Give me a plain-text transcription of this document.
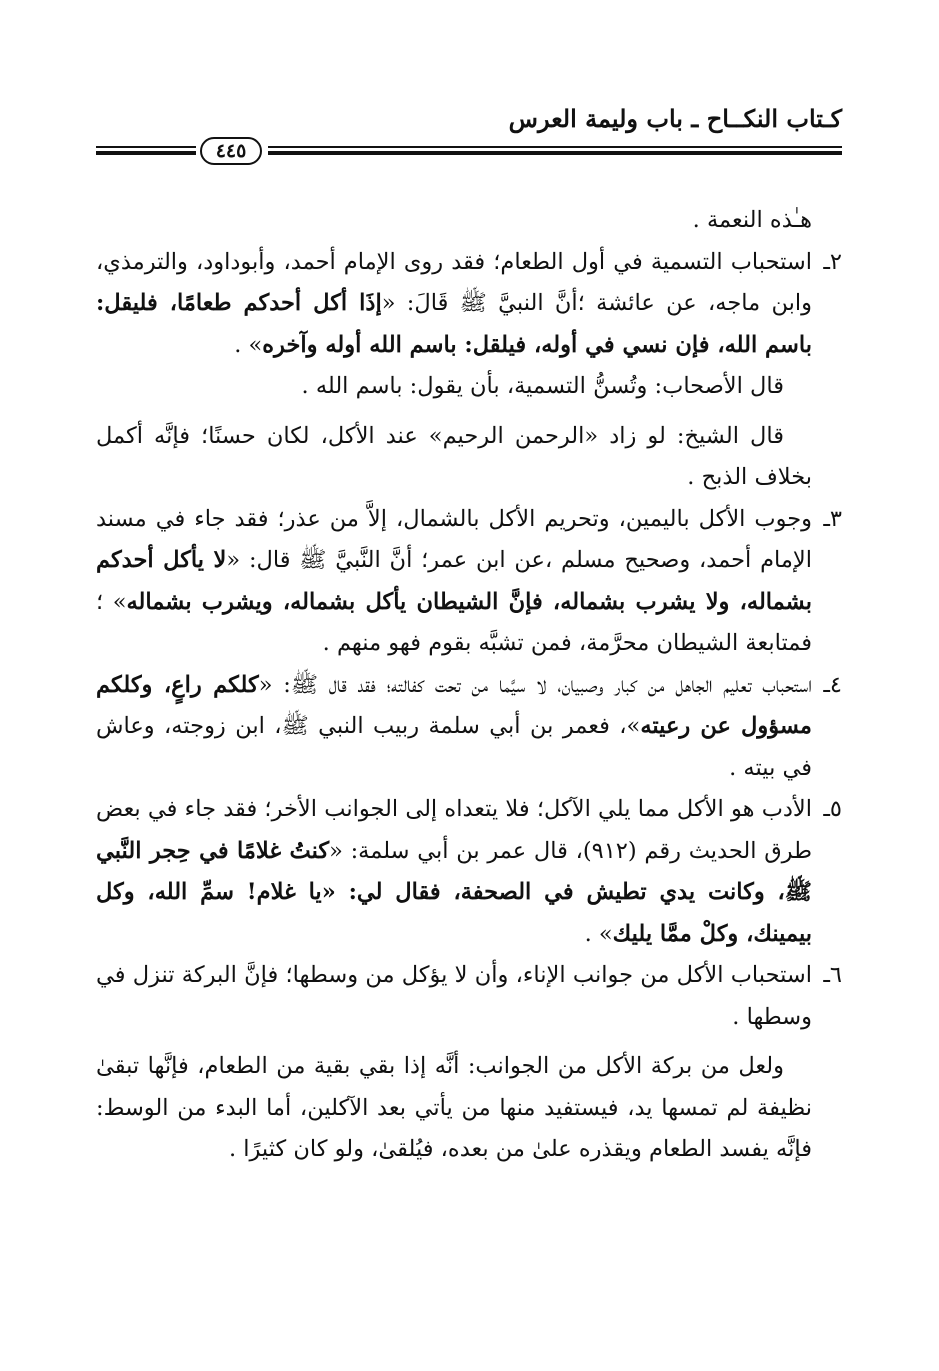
كـتاب النكــاح ـ باب وليمة العرس
٤٤٥

هـٰذه النعمة .

٢ـ
استحباب التسمية في أول الطعام؛ فقد روى الإمام أحمد، وأبوداود، والترمذي، وابن ماجه، عن عائشة ؛أنَّ النبيَّ ﷺ قَالَ: «إذَا أكل أحدكم طعامًا، فليقل: باسم الله، فإن نسي في أوله، فيلقل: باسم الله أوله وآخره» .

قال الأصحاب: وتُسنُّ التسمية، بأن يقول: باسم الله .

قال الشيخ: لو زاد «الرحمن الرحيم» عند الأكل، لكان حسنًا؛ فإنَّه أكمل بخلاف الذبح .

٣ـ
وجوب الأكل باليمين، وتحريم الأكل بالشمال، إلاَّ من عذر؛ فقد جاء في مسند الإمام أحمد، وصحيح مسلم ،عن ابن عمر؛ أنَّ النَّبيَّ ﷺ قال: «لا يأكل أحدكم بشماله، ولا يشرب بشماله، فإنَّ الشيطان يأكل بشماله، ويشرب بشماله» ؛فمتابعة الشيطان محرَّمة، فمن تشبَّه بقوم فهو منهم .

٤ـ
استحباب تعليم الجاهل من كبار وصبيان، لا سيَّما من تحت كفالته؛ فقد قال ﷺ: «كلكم راعٍ، وكلكم مسؤول عن رعيته»، فعمر بن أبي سلمة ربيب النبي ﷺ، ابن زوجته، وعاش في بيته .

٥ـ
الأدب هو الأكل مما يلي الآكل؛ فلا يتعداه إلى الجوانب الأخر؛ فقد جاء في بعض طرق الحديث رقم (٩١٢)، قال عمر بن أبي سلمة: «كنتُ غلامًا في حِجر النَّبي ﷺ، وكانت يدي تطيش في الصحفة، فقال لي: «يا غلام! سمِّ الله، وكل بيمينك، وكلْ ممَّا يليك» .

٦ـ
استحباب الأكل من جوانب الإناء، وأن لا يؤكل من وسطها؛ فإنَّ البركة تنزل في وسطها .

ولعل من بركة الأكل من الجوانب: أنَّه إذا بقي بقية من الطعام، فإنَّها تبقىٰ نظيفة لم تمسها يد، فيستفيد منها من يأتي بعد الآكلين، أما البدء من الوسط: فإنَّه يفسد الطعام ويقذره علىٰ من بعده، فيُلقىٰ، ولو كان كثيرًا .
